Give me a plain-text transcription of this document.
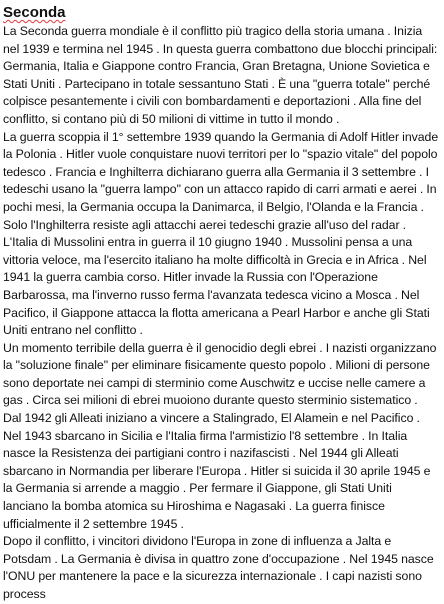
Seconda
La Seconda guerra mondiale è il conflitto più tragico della storia umana . Inizia nel 1939 e termina nel 1945 . In questa guerra combattono due blocchi principali: Germania, Italia e Giappone contro Francia, Gran Bretagna, Unione Sovietica e Stati Uniti . Partecipano in totale sessantuno Stati . È una "guerra totale" perché colpisce pesantemente i civili con bombardamenti e deportazioni . Alla fine del conflitto, si contano più di 50 milioni di vittime in tutto il mondo .
La guerra scoppia il 1° settembre 1939 quando la Germania di Adolf Hitler invade la Polonia . Hitler vuole conquistare nuovi territori per lo "spazio vitale" del popolo tedesco . Francia e Inghilterra dichiarano guerra alla Germania il 3 settembre . I tedeschi usano la "guerra lampo" con un attacco rapido di carri armati e aerei . In pochi mesi, la Germania occupa la Danimarca, il Belgio, l'Olanda e la Francia . Solo l'Inghilterra resiste agli attacchi aerei tedeschi grazie all'uso del radar .
L'Italia di Mussolini entra in guerra il 10 giugno 1940 . Mussolini pensa a una vittoria veloce, ma l'esercito italiano ha molte difficoltà in Grecia e in Africa . Nel 1941 la guerra cambia corso. Hitler invade la Russia con l'Operazione Barbarossa, ma l'inverno russo ferma l'avanzata tedesca vicino a Mosca . Nel Pacifico, il Giappone attacca la flotta americana a Pearl Harbor e anche gli Stati Uniti entrano nel conflitto .
Un momento terribile della guerra è il genocidio degli ebrei . I nazisti organizzano la "soluzione finale" per eliminare fisicamente questo popolo . Milioni di persone sono deportate nei campi di sterminio come Auschwitz e uccise nelle camere a gas . Circa sei milioni di ebrei muoiono durante questo sterminio sistematico .
Dal 1942 gli Alleati iniziano a vincere a Stalingrado, El Alamein e nel Pacifico . Nel 1943 sbarcano in Sicilia e l'Italia firma l'armistizio l'8 settembre . In Italia nasce la Resistenza dei partigiani contro i nazifascisti . Nel 1944 gli Alleati sbarcano in Normandia per liberare l'Europa . Hitler si suicida il 30 aprile 1945 e la Germania si arrende a maggio . Per fermare il Giappone, gli Stati Uniti lanciano la bomba atomica su Hiroshima e Nagasaki . La guerra finisce ufficialmente il 2 settembre 1945 .
Dopo il conflitto, i vincitori dividono l'Europa in zone di influenza a Jalta e Potsdam . La Germania è divisa in quattro zone d'occupazione . Nel 1945 nasce l'ONU per mantenere la pace e la sicurezza internazionale . I capi nazisti sono process
